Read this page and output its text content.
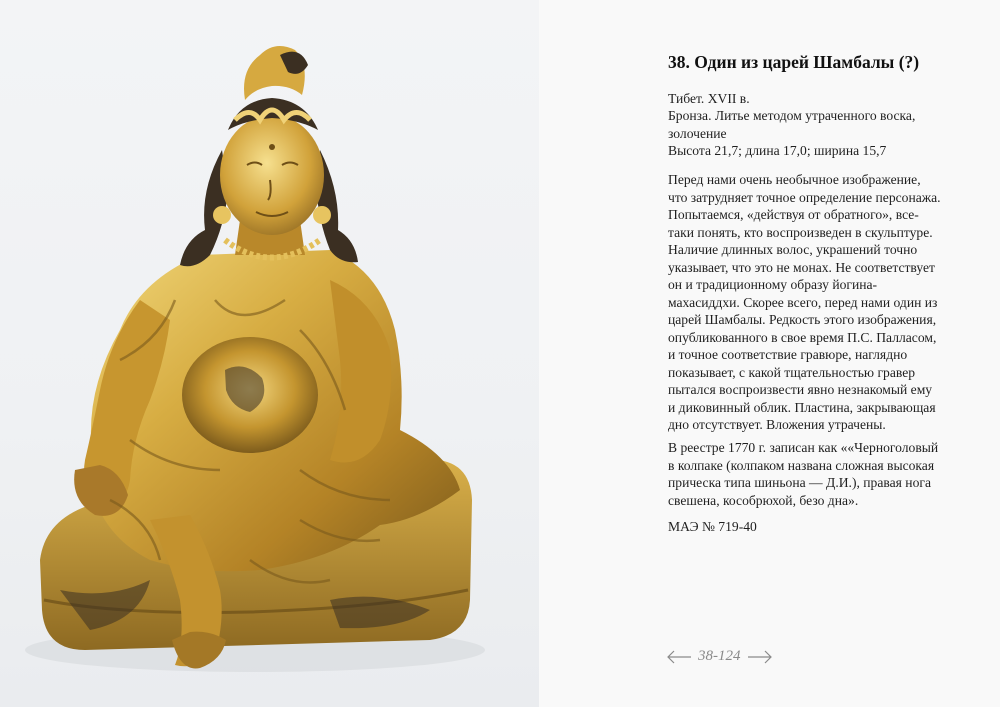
38. Один из царей Шамбалы (?)
Тибет. XVII в.
Бронза. Литье методом утраченного воска,
золочение
Высота 21,7; длина 17,0; ширина 15,7
Перед нами очень необычное изображение,
что затрудняет точное определение персонажа.
Попытаемся, «действуя от обратного», все-
таки понять, кто воспроизведен в скульптуре.
Наличие длинных волос, украшений точно
указывает, что это не монах. Не соответствует
он и традиционному образу йогина-
махасиддхи. Скорее всего, перед нами один из
царей Шамбалы. Редкость этого изображения,
опубликованного в свое время П.С. Палласом,
и точное соответствие гравюре, наглядно
показывает, с какой тщательностью гравер
пытался воспроизвести явно незнакомый ему
и диковинный облик. Пластина, закрывающая
дно отсутствует. Вложения утрачены.
В реестре 1770 г. записан как ««Черноголовый
в колпаке (колпаком названа сложная высокая
прическа типа шиньона — Д.И.), правая нога
свешена, кособрюхой, безо дна».
МАЭ № 719-40
38-124
